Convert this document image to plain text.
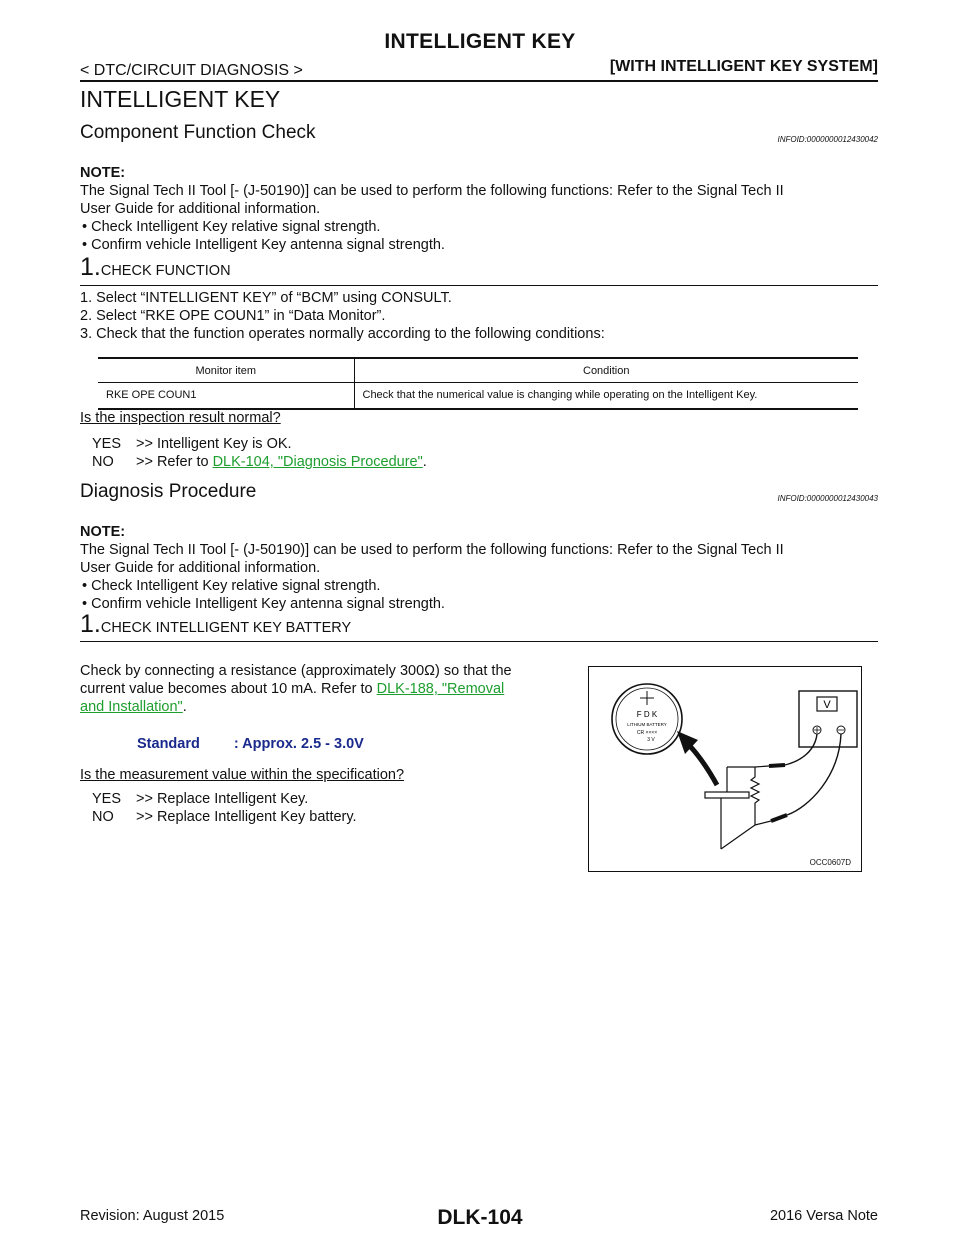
INTELLIGENT KEY
< DTC/CIRCUIT DIAGNOSIS >	[WITH INTELLIGENT KEY SYSTEM]
INTELLIGENT KEY
Component Function Check	INFOID:0000000012430042
NOTE:
The Signal Tech II Tool [- (J-50190)] can be used to perform the following functions: Refer to the Signal Tech II
User Guide for additional information.
• Check Intelligent Key relative signal strength.
• Confirm vehicle Intelligent Key antenna signal strength.
1.CHECK FUNCTION
1. Select “INTELLIGENT KEY” of “BCM” using CONSULT.
2. Select “RKE OPE COUN1” in “Data Monitor”.
3. Check that the function operates normally according to the following conditions:
Monitor item	Condition
RKE OPE COUN1	Check that the numerical value is changing while operating on the Intelligent Key.
Is the inspection result normal?
YES >> Intelligent Key is OK.
NO >> Refer to DLK-104, "Diagnosis Procedure".
Diagnosis Procedure	INFOID:0000000012430043
NOTE:
The Signal Tech II Tool [- (J-50190)] can be used to perform the following functions: Refer to the Signal Tech II
User Guide for additional information.
• Check Intelligent Key relative signal strength.
• Confirm vehicle Intelligent Key antenna signal strength.
1.CHECK INTELLIGENT KEY BATTERY
Check by connecting a resistance (approximately 300Ω) so that the
current value becomes about 10 mA. Refer to DLK-188, "Removal
and Installation".
Standard : Approx. 2.5 - 3.0V
Is the measurement value within the specification?
YES >> Replace Intelligent Key.
NO >> Replace Intelligent Key battery.
F D K
LITHIUM BATTERY
CR ××××
3 V
V
OCC0607D
Revision: August 2015	DLK-104	2016 Versa Note
